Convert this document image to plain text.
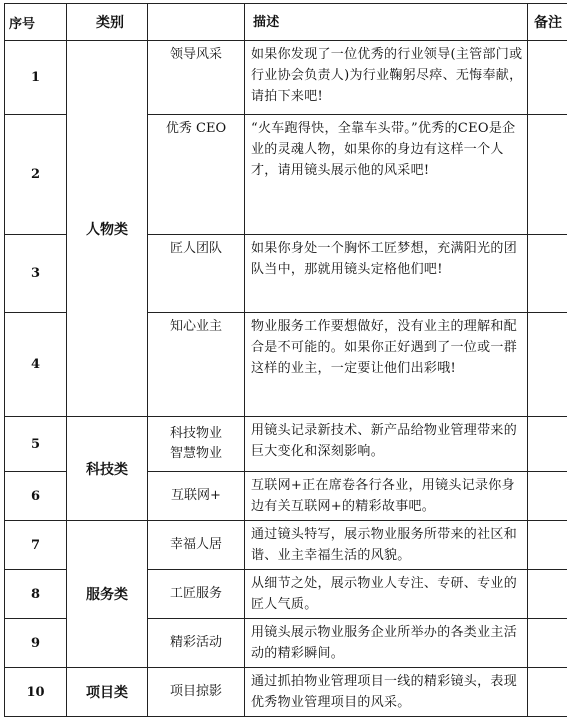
序号	类别		描述	备注
1	人物类	领导风采	如果你发现了一位优秀的行业领导(主管部门或行业协会负责人)为行业鞠躬尽瘁、无悔奉献，请拍下来吧!	
2		优秀 CEO	“火车跑得快，全靠车头带。”优秀的CEO是企业的灵魂人物，如果你的身边有这样一个人才，请用镜头展示他的风采吧!	
3		匠人团队	如果你身处一个胸怀工匠梦想，充满阳光的团队当中，那就用镜头定格他们吧!	
4		知心业主	物业服务工作要想做好，没有业主的理解和配合是不可能的。如果你正好遇到了一位或一群这样的业主，一定要让他们出彩哦!	
5	科技类	科技物业 智慧物业	用镜头记录新技术、新产品给物业管理带来的巨大变化和深刻影响。	
6		互联网+	互联网+正在席卷各行各业，用镜头记录你身边有关互联网+的精彩故事吧。	
7	服务类	幸福人居	通过镜头特写，展示物业服务所带来的社区和谐、业主幸福生活的风貌。	
8		工匠服务	从细节之处，展示物业人专注、专研、专业的匠人气质。	
9		精彩活动	用镜头展示物业服务企业所举办的各类业主活动的精彩瞬间。	
10	项目类	项目掠影	通过抓拍物业管理项目一线的精彩镜头，表现优秀物业管理项目的风采。	
